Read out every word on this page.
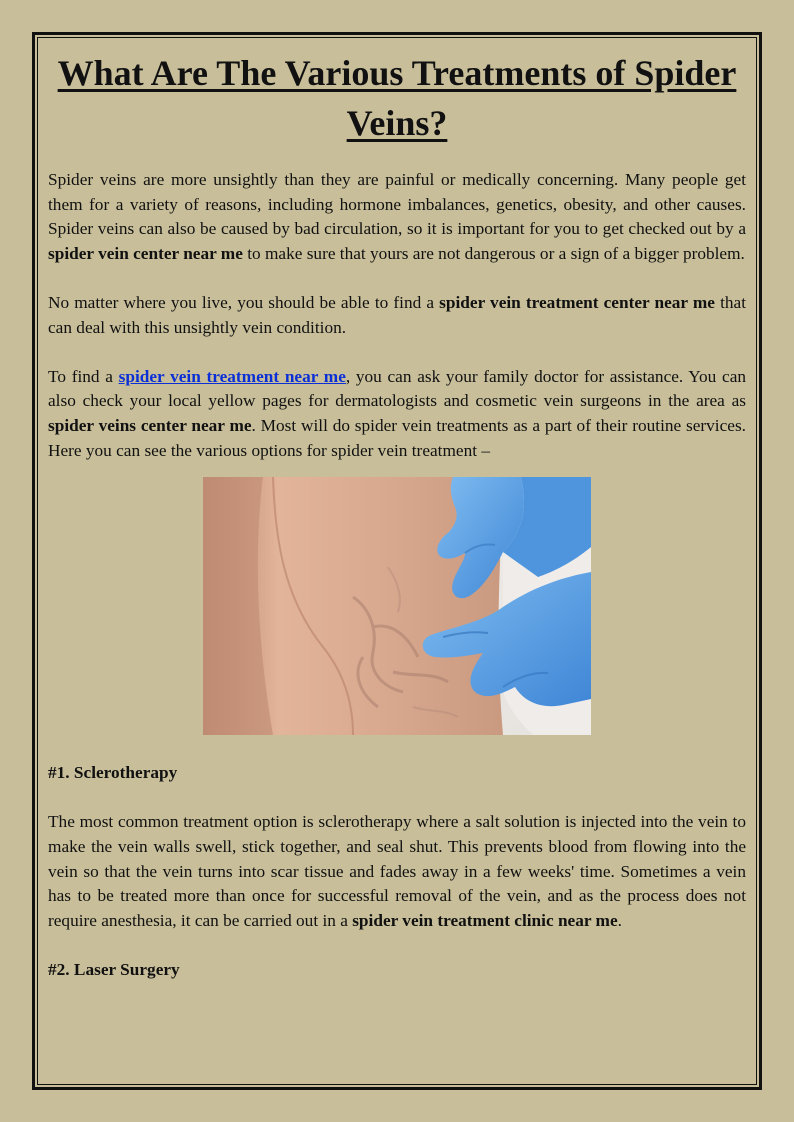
What Are The Various Treatments of Spider Veins?

Spider veins are more unsightly than they are painful or medically concerning. Many people get them for a variety of reasons, including hormone imbalances, genetics, obesity, and other causes. Spider veins can also be caused by bad circulation, so it is important for you to get checked out by a spider vein center near me to make sure that yours are not dangerous or a sign of a bigger problem.

No matter where you live, you should be able to find a spider vein treatment center near me that can deal with this unsightly vein condition.

To find a spider vein treatment near me, you can ask your family doctor for assistance. You can also check your local yellow pages for dermatologists and cosmetic vein surgeons in the area as spider veins center near me. Most will do spider vein treatments as a part of their routine services. Here you can see the various options for spider vein treatment –

#1. Sclerotherapy

The most common treatment option is sclerotherapy where a salt solution is injected into the vein to make the vein walls swell, stick together, and seal shut. This prevents blood from flowing into the vein so that the vein turns into scar tissue and fades away in a few weeks' time. Sometimes a vein has to be treated more than once for successful removal of the vein, and as the process does not require anesthesia, it can be carried out in a spider vein treatment clinic near me.

#2. Laser Surgery
